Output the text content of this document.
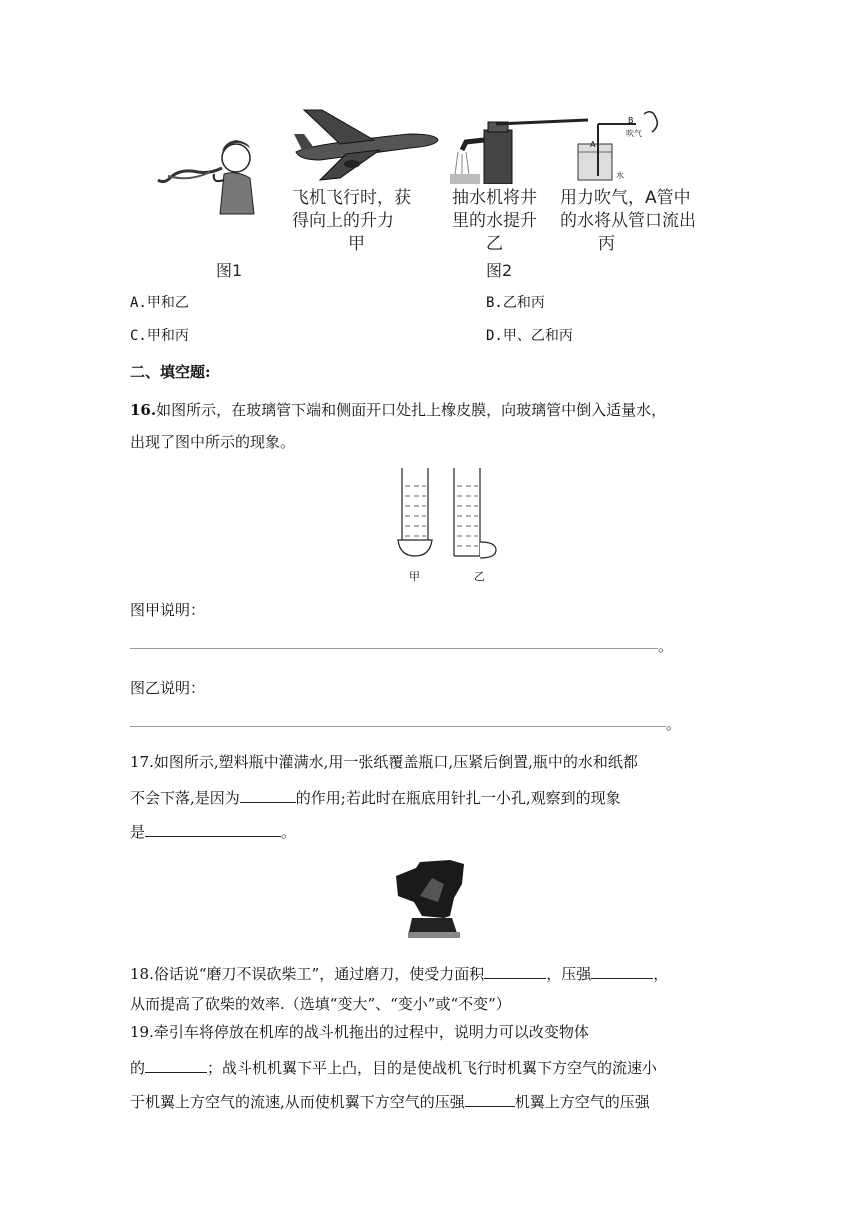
图1
飞机飞行时，获
得向上的升力
甲
抽水机将井
里的水提升
乙
A
B
吹气
水
用力吹气，A管中
的水将从管口流出
丙
图2
A.甲和乙	B.乙和丙
C.甲和丙	D.甲、乙和丙
二、填空题:
16.如图所示，在玻璃管下端和侧面开口处扎上橡皮膜，向玻璃管中倒入适量水，
出现了图中所示的现象。
甲	乙
图甲说明：
。
图乙说明：
。
17.如图所示,塑料瓶中灌满水,用一张纸覆盖瓶口,压紧后倒置,瓶中的水和纸都
不会下落,是因为	的作用;若此时在瓶底用针扎一小孔,观察到的现象
是	。
18.俗话说“磨刀不误砍柴工”，通过磨刀，使受力面积	，压强	，
从而提高了砍柴的效率.（选填“变大”、“变小”或“不变”）
19.牵引车将停放在机库的战斗机拖出的过程中，说明力可以改变物体
的	；战斗机机翼下平上凸，目的是使战机飞行时机翼下方空气的流速小
于机翼上方空气的流速,从而使机翼下方空气的压强	机翼上方空气的压强
